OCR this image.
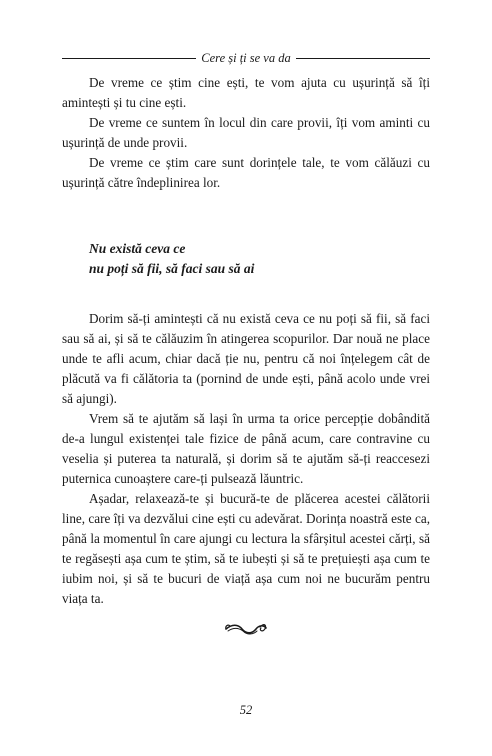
Cere și ți se va da

De vreme ce știm cine ești, te vom ajuta cu ușurință să îți amintești și tu cine ești.

De vreme ce suntem în locul din care provii, îți vom aminti cu ușurință de unde provii.

De vreme ce știm care sunt dorințele tale, te vom călăuzi cu ușurință către îndeplinirea lor.

Nu există ceva ce
nu poți să fii, să faci sau să ai

Dorim să-ți amintești că nu există ceva ce nu poți să fii, să faci sau să ai, și să te călăuzim în atingerea scopurilor. Dar nouă ne place unde te afli acum, chiar dacă ție nu, pentru că noi înțelegem cât de plăcută va fi călătoria ta (pornind de unde ești, până acolo unde vrei să ajungi).

Vrem să te ajutăm să lași în urma ta orice percepție dobândită de-a lungul existenței tale fizice de până acum, care contravine cu veselia și puterea ta naturală, și dorim să te ajutăm să-ți reaccesezi puternica cunoaștere care-ți pulsează lăuntric.

Așadar, relaxează-te și bucură-te de plăcerea acestei călătorii line, care îți va dezvălui cine ești cu adevărat. Dorința noastră este ca, până la momentul în care ajungi cu lectura la sfârșitul acestei cărți, să te regăsești așa cum te știm, să te iubești și să te prețuiești așa cum te iubim noi, și să te bucuri de viață așa cum noi ne bucurăm pentru viața ta.

52
